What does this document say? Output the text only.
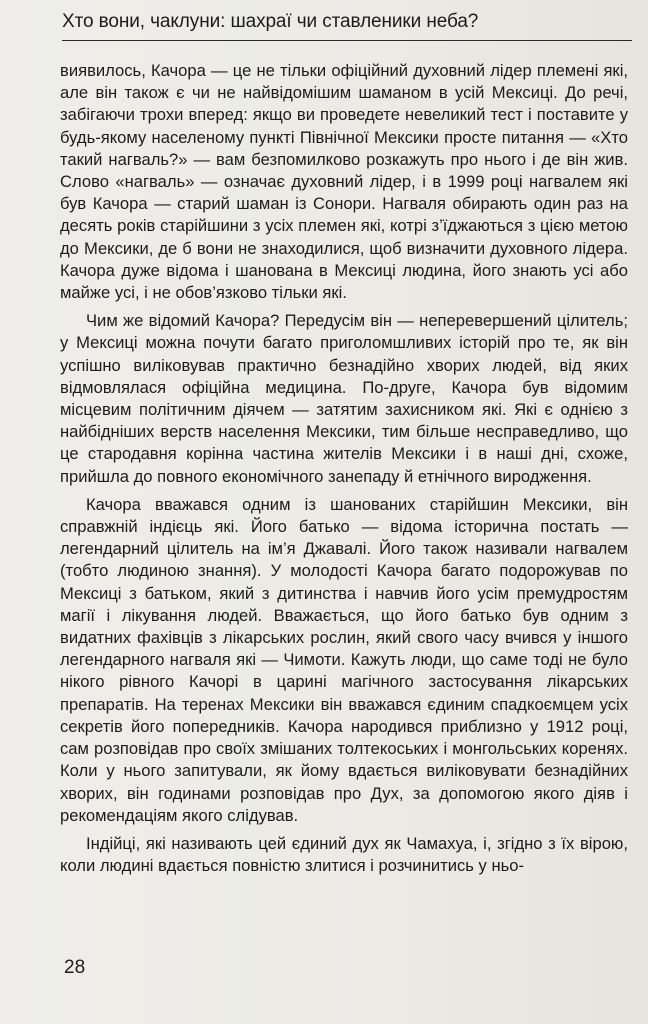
Хто вони, чаклуни: шахраї чи ставленики неба?

виявилось, Качора — це не тільки офіційний духовний лідер племені які, але він також є чи не найвідомішим шаманом в усій Мексиці. До речі, забігаючи трохи вперед: якщо ви проведете невеликий тест і поставите у будь-якому населеному пункті Північної Мексики просте питання — «Хто такий нагваль?» — вам безпомилково розкажуть про нього і де він жив. Слово «нагваль» — означає духовний лідер, і в 1999 році нагвалем які був Качора — старий шаман із Сонори. Нагваля обирають один раз на десять років старійшини з усіх племен які, котрі з’їджаються з цією метою до Мексики, де б вони не знаходилися, щоб визначити духовного лідера. Качора дуже відома і шанована в Мексиці людина, його знають усі або майже усі, і не обов’язково тільки які.

Чим же відомий Качора? Передусім він — неперевершений цілитель; у Мексиці можна почути багато приголомшливих історій про те, як він успішно виліковував практично безнадійно хворих людей, від яких відмовлялася офіційна медицина. По-друге, Качора був відомим місцевим політичним діячем — затятим захисником які. Які є однією з найбідніших верств населення Мексики, тим більше несправедливо, що це стародавня корінна частина жителів Мексики і в наші дні, схоже, прийшла до повного економічного занепаду й етнічного виродження.

Качора вважався одним із шанованих старійшин Мексики, він справжній індієць які. Його батько — відома історична постать — легендарний цілитель на ім’я Джавалі. Його також називали нагвалем (тобто людиною знання). У молодості Качора багато подорожував по Мексиці з батьком, який з дитинства і навчив його усім премудростям магії і лікування людей. Вважається, що його батько був одним з видатних фахівців з лікарських рослин, який свого часу вчився у іншого легендарного нагваля які — Чимоти. Кажуть люди, що саме тоді не було нікого рівного Качорі в царині магічного застосування лікарських препаратів. На теренах Мексики він вважався єдиним спадкоємцем усіх секретів його попередників. Качора народився приблизно у 1912 році, сам розповідав про своїх змішаних толтекоських і монгольських коренях. Коли у нього запитували, як йому вдається виліковувати безнадійних хворих, він годинами розповідав про Дух, за допомогою якого діяв і рекомендаціям якого слідував.

Індійці, які називають цей єдиний дух як Чамахуа, і, згідно з їх вірою, коли людині вдається повністю злитися і розчинитись у ньо-

28
